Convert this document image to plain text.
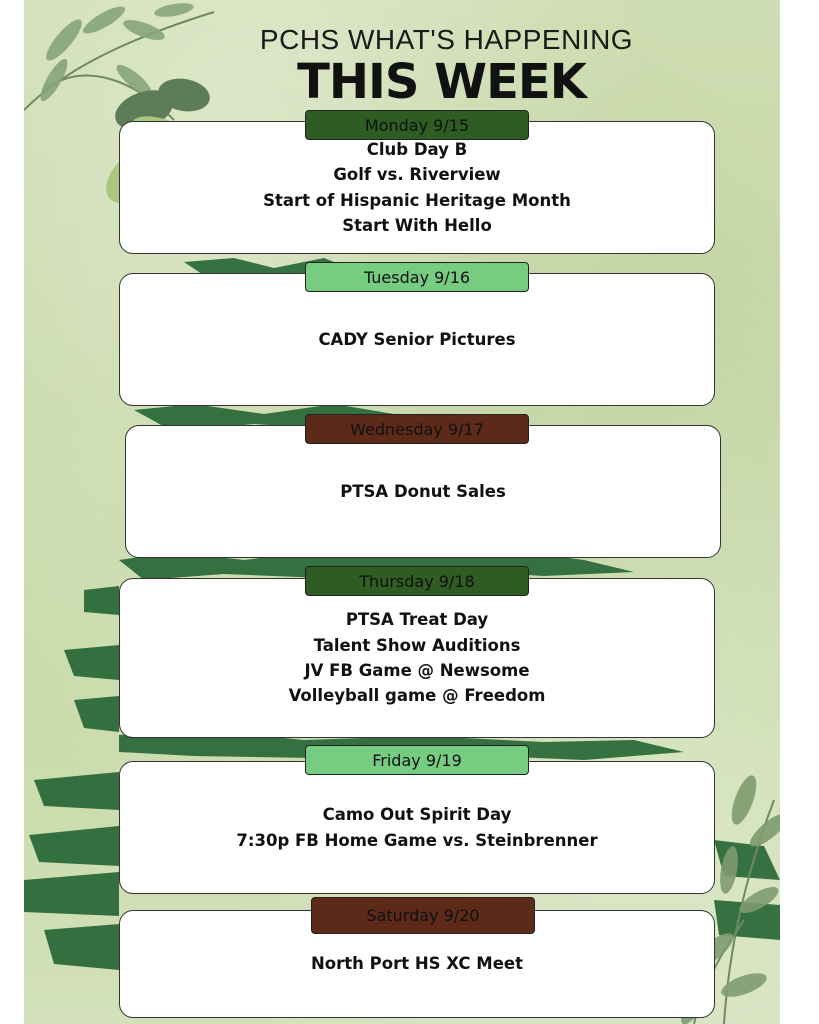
PCHS WHAT'S HAPPENING
THIS WEEK
Club Day B
Golf vs. Riverview
Start of Hispanic Heritage Month
Start With Hello
Monday 9/15
CADY Senior Pictures
Tuesday 9/16
PTSA Donut Sales
Wednesday 9/17
PTSA Treat Day
Talent Show Auditions
JV FB Game @ Newsome
Volleyball game @ Freedom
Thursday 9/18
Camo Out Spirit Day
7:30p FB Home Game vs. Steinbrenner
Friday 9/19
North Port HS XC Meet
Saturday 9/20
